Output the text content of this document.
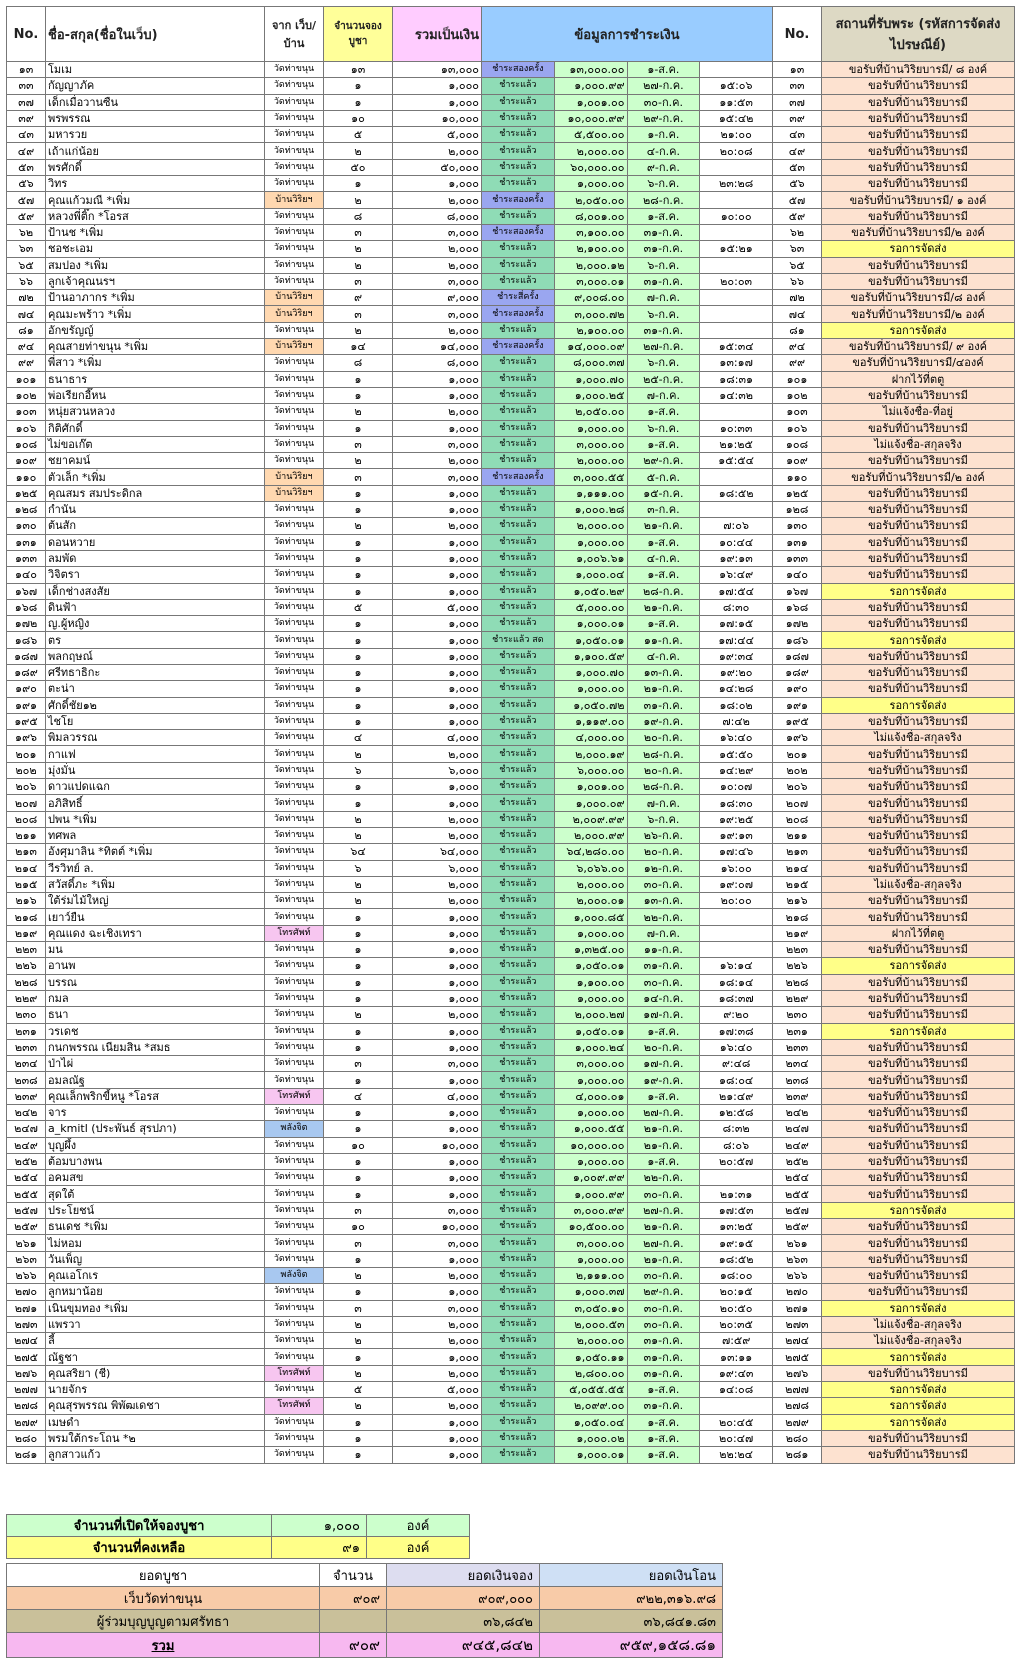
No.	ชื่อ-สกุล(ชื่อในเว็บ)	จาก เว็บ/บ้าน	จำนวนจอง บูชา	รวมเป็นเงิน	ข้อมูลการชำระเงิน				No.	สถานที่รับพระ (รหัสการจัดส่งไปรษณีย์)
๑๓	โมเม	วัดท่าขนุน	๑๓	๑๓,๐๐๐	ชำระสองครั้ง	๑๓,๐๐๐.๐๐	๑-ส.ค.		๑๓	ขอรับที่บ้านวิริยบารมี/ ๘ องค์
๓๓	กัญญาภัค	วัดท่าขนุน	๑	๑,๐๐๐	ชำระแล้ว	๑,๐๐๐.๙๙	๒๗-ก.ค.	๑๕:๐๖	๓๓	ขอรับที่บ้านวิริยบารมี
๓๗	เด็กเมื่อวานซืน	วัดท่าขนุน	๑	๑,๐๐๐	ชำระแล้ว	๑,๐๐๑.๐๐	๓๐-ก.ค.	๑๑:๕๓	๓๗	ขอรับที่บ้านวิริยบารมี
๓๙	พรพรรณ	วัดท่าขนุน	๑๐	๑๐,๐๐๐	ชำระแล้ว	๑๐,๐๐๐.๙๙	๒๙-ก.ค.	๑๕:๔๒	๓๙	ขอรับที่บ้านวิริยบารมี
๔๓	มหารวย	วัดท่าขนุน	๕	๕,๐๐๐	ชำระแล้ว	๕,๕๐๐.๐๐	๑-ก.ค.	๒๑:๐๐	๔๓	ขอรับที่บ้านวิริยบารมี
๔๙	เถ้าแก่น้อย	วัดท่าขนุน	๒	๒,๐๐๐	ชำระแล้ว	๒,๐๐๐.๐๐	๔-ก.ค.	๒๐:๐๘	๔๙	ขอรับที่บ้านวิริยบารมี
๕๓	พรศักดิ์	วัดท่าขนุน	๕๐	๕๐,๐๐๐	ชำระแล้ว	๖๐,๐๐๐.๐๐	๙-ก.ค.		๕๓	ขอรับที่บ้านวิริยบารมี
๕๖	วิทร	วัดท่าขนุน	๑	๑,๐๐๐	ชำระแล้ว	๑,๐๐๐.๐๐	๖-ก.ค.	๒๓:๒๘	๕๖	ขอรับที่บ้านวิริยบารมี
๕๗	คุณแก้วมณี *เพิ่ม	บ้านวิริยฯ	๒	๒,๐๐๐	ชำระสองครั้ง	๒,๐๕๐.๐๐	๒๘-ก.ค.		๕๗	ขอรับที่บ้านวิริยบารมี/ ๑ องค์
๕๙	หลวงพี่ติ๊ก *โอรส	วัดท่าขนุน	๘	๘,๐๐๐	ชำระแล้ว	๘,๐๐๑.๐๐	๑-ส.ค.	๑๐:๐๐	๕๙	ขอรับที่บ้านวิริยบารมี
๖๒	ป้านช *เพิ่ม	วัดท่าขนุน	๓	๓,๐๐๐	ชำระสองครั้ง	๓,๑๐๐.๐๐	๓๑-ก.ค.		๖๒	ขอรับที่บ้านวิริยบารมี/๒ องค์
๖๓	ชอชะเอม	วัดท่าขนุน	๒	๒,๐๐๐	ชำระแล้ว	๒,๑๐๐.๐๐	๓๑-ก.ค.	๑๕:๒๑	๖๓	รอการจัดส่ง
๖๕	สมปอง *เพิ่ม	วัดท่าขนุน	๒	๒,๐๐๐	ชำระแล้ว	๒,๐๐๐.๑๒	๖-ก.ค.		๖๕	ขอรับที่บ้านวิริยบารมี
๖๖	ลูกเจ้าคุณนรฯ	วัดท่าขนุน	๓	๓,๐๐๐	ชำระแล้ว	๓,๐๐๐.๐๑	๓๑-ก.ค.	๒๐:๐๓	๖๖	ขอรับที่บ้านวิริยบารมี
๗๒	ป้านอาภากร *เพิ่ม	บ้านวิริยฯ	๙	๙,๐๐๐	ชำระสี่ครั้ง	๙,๐๐๘.๐๐	๗-ก.ค.		๗๒	ขอรับที่บ้านวิริยบารมี/๘ องค์
๗๔	คุณมะพร้าว *เพิ่ม	บ้านวิริยฯ	๓	๓,๐๐๐	ชำระสองครั้ง	๓,๐๐๐.๗๒	๖-ก.ค.		๗๔	ขอรับที่บ้านวิริยบารมี/๒ องค์
๘๑	อักขรัญญ์	วัดท่าขนุน	๒	๒,๐๐๐	ชำระแล้ว	๒,๑๐๐.๐๐	๓๑-ก.ค.		๘๑	รอการจัดส่ง
๙๔	คุณสายท่าขนุน *เพิ่ม	บ้านวิริยฯ	๑๔	๑๔,๐๐๐	ชำระสองครั้ง	๑๔,๐๐๐.๐๙	๒๗-ก.ค.	๑๕:๓๔	๙๔	ขอรับที่บ้านวิริยบารมี/ ๙ องค์
๙๙	พี่สาว *เพิ่ม	วัดท่าขนุน	๘	๘,๐๐๐	ชำระแล้ว	๘,๐๐๐.๓๗	๖-ก.ค.	๑๓:๑๗	๙๙	ขอรับที่บ้านวิริยบารมี/๔องค์
๑๐๑	ธนาธาร	วัดท่าขนุน	๑	๑,๐๐๐	ชำระแล้ว	๑,๐๐๐.๗๐	๒๕-ก.ค.	๑๘:๓๑	๑๐๑	ฝากไว้ที่ตตู
๑๐๒	พ่อเรียกอี๊หน	วัดท่าขนุน	๑	๑,๐๐๐	ชำระแล้ว	๑,๐๐๐.๒๕	๗-ก.ค.	๑๔:๓๒	๑๐๒	ขอรับที่บ้านวิริยบารมี
๑๐๓	หนุ่ยสวนหลวง	วัดท่าขนุน	๒	๒,๐๐๐	ชำระแล้ว	๒,๐๕๐.๐๐	๑-ส.ค.		๑๐๓	ไม่แจ้งชื่อ-ที่อยู่
๑๐๖	กิติศักดิ์	วัดท่าขนุน	๑	๑,๐๐๐	ชำระแล้ว	๑,๐๐๐.๐๐	๖-ก.ค.	๑๐:๓๓	๑๐๖	ขอรับที่บ้านวิริยบารมี
๑๐๘	ไม่ขอเก๊ต	วัดท่าขนุน	๓	๓,๐๐๐	ชำระแล้ว	๓,๐๐๐.๐๐	๑-ส.ค.	๒๑:๒๕	๑๐๘	ไม่แจ้งชื่อ-สกุลจริง
๑๐๙	ชยาคมน์	วัดท่าขนุน	๒	๒,๐๐๐	ชำระแล้ว	๒,๐๐๐.๐๐	๒๙-ก.ค.	๑๕:๕๔	๑๐๙	ขอรับที่บ้านวิริยบารมี
๑๑๐	ตัวเล็ก *เพิ่ม	บ้านวิริยฯ	๓	๓,๐๐๐	ชำระสองครั้ง	๓,๐๐๐.๕๕	๕-ก.ค.		๑๑๐	ขอรับที่บ้านวิริยบารมี/๒ องค์
๑๒๕	คุณสมร สมประดิกล	บ้านวิริยฯ	๑	๑,๐๐๐	ชำระแล้ว	๑,๑๑๑.๐๐	๑๕-ก.ค.	๑๘:๕๒	๑๒๕	ขอรับที่บ้านวิริยบารมี
๑๒๘	กำนัน	วัดท่าขนุน	๑	๑,๐๐๐	ชำระแล้ว	๑,๐๐๐.๒๘	๓-ก.ค.		๑๒๘	ขอรับที่บ้านวิริยบารมี
๑๓๐	ต้นสัก	วัดท่าขนุน	๒	๒,๐๐๐	ชำระแล้ว	๒,๐๐๐.๐๐	๒๑-ก.ค.	๗:๐๖	๑๓๐	ขอรับที่บ้านวิริยบารมี
๑๓๑	ดอนหวาย	วัดท่าขนุน	๑	๑,๐๐๐	ชำระแล้ว	๑,๐๐๐.๐๐	๑-ส.ค.	๑๐:๔๔	๑๓๑	ขอรับที่บ้านวิริยบารมี
๑๓๓	ลมพัด	วัดท่าขนุน	๑	๑,๐๐๐	ชำระแล้ว	๑,๐๐๖.๖๑	๔-ก.ค.	๑๙:๑๓	๑๓๓	ขอรับที่บ้านวิริยบารมี
๑๔๐	วิจิตรา	วัดท่าขนุน	๑	๑,๐๐๐	ชำระแล้ว	๑,๐๐๐.๐๔	๑-ส.ค.	๑๖:๔๙	๑๔๐	ขอรับที่บ้านวิริยบารมี
๑๖๗	เด็กช่างสงสัย	วัดท่าขนุน	๑	๑,๐๐๐	ชำระแล้ว	๑,๐๕๐.๒๙	๒๘-ก.ค.	๑๗:๕๔	๑๖๗	รอการจัดส่ง
๑๖๘	ดินฟ้า	วัดท่าขนุน	๕	๕,๐๐๐	ชำระแล้ว	๕,๐๐๐.๐๐	๒๑-ก.ค.	๘:๓๐	๑๖๘	ขอรับที่บ้านวิริยบารมี
๑๗๒	ญ.ผู้หญิง	วัดท่าขนุน	๑	๑,๐๐๐	ชำระแล้ว	๑,๐๐๐.๐๑	๑-ส.ค.	๑๗:๑๕	๑๗๒	ขอรับที่บ้านวิริยบารมี
๑๘๖	ตร	วัดท่าขนุน	๑	๑,๐๐๐	ชำระแล้ว สด	๑,๐๕๐.๐๑	๑๑-ก.ค.	๑๗:๔๔	๑๘๖	รอการจัดส่ง
๑๘๗	พลกฤษณ์	วัดท่าขนุน	๑	๑,๐๐๐	ชำระแล้ว	๑,๑๐๐.๕๙	๔-ก.ค.	๑๙:๓๔	๑๘๗	ขอรับที่บ้านวิริยบารมี
๑๘๙	ศรีทธาธิกะ	วัดท่าขนุน	๑	๑,๐๐๐	ชำระแล้ว	๑,๐๐๐.๗๐	๑๓-ก.ค.	๑๙:๒๐	๑๘๙	ขอรับที่บ้านวิริยบารมี
๑๙๐	ตะน่า	วัดท่าขนุน	๑	๑,๐๐๐	ชำระแล้ว	๑,๐๐๐.๐๐	๒๑-ก.ค.	๑๔:๒๘	๑๙๐	ขอรับที่บ้านวิริยบารมี
๑๙๑	ศักดิ์ชัย๑๒	วัดท่าขนุน	๑	๑,๐๐๐	ชำระแล้ว	๑,๐๕๐.๗๒	๓๑-ก.ค.	๑๘:๐๒	๑๙๑	รอการจัดส่ง
๑๙๕	ไชโย	วัดท่าขนุน	๑	๑,๐๐๐	ชำระแล้ว	๑,๑๑๙.๐๐	๑๙-ก.ค.	๗:๔๒	๑๙๕	ขอรับที่บ้านวิริยบารมี
๑๙๖	พิมลวรรณ	วัดท่าขนุน	๔	๔,๐๐๐	ชำระแล้ว	๔,๐๐๐.๐๐	๒๐-ก.ค.	๑๖:๔๐	๑๙๖	ไม่แจ้งชื่อ-สกุลจริง
๒๐๑	กาแฟ	วัดท่าขนุน	๒	๒,๐๐๐	ชำระแล้ว	๒,๐๐๐.๑๙	๒๘-ก.ค.	๑๕:๕๐	๒๐๑	ขอรับที่บ้านวิริยบารมี
๒๐๒	มุ่งมั่น	วัดท่าขนุน	๖	๖,๐๐๐	ชำระแล้ว	๖,๐๐๐.๐๐	๒๐-ก.ค.	๑๔:๒๙	๒๐๒	ขอรับที่บ้านวิริยบารมี
๒๐๖	ดาวแปดแฉก	วัดท่าขนุน	๑	๑,๐๐๐	ชำระแล้ว	๑,๐๐๑.๐๐	๒๘-ก.ค.	๑๐:๐๗	๒๐๖	ขอรับที่บ้านวิริยบารมี
๒๐๗	อภิสิทธิ์	วัดท่าขนุน	๑	๑,๐๐๐	ชำระแล้ว	๑,๐๐๐.๐๙	๗-ก.ค.	๑๘:๓๐	๒๐๗	ขอรับที่บ้านวิริยบารมี
๒๐๘	ปพน *เพิ่ม	วัดท่าขนุน	๒	๒,๐๐๐	ชำระแล้ว	๒,๐๐๙.๙๙	๖-ก.ค.	๑๙:๒๕	๒๐๘	ขอรับที่บ้านวิริยบารมี
๒๑๑	ทศพล	วัดท่าขนุน	๒	๒,๐๐๐	ชำระแล้ว	๒,๐๐๐.๙๙	๒๖-ก.ค.	๑๙:๑๓	๒๑๑	ขอรับที่บ้านวิริยบารมี
๒๑๓	อังศุมาลิน *ทิตต์ *เพิ่ม	วัดท่าขนุน	๖๔	๖๔,๐๐๐	ชำระแล้ว	๖๔,๒๘๐.๐๐	๒๐-ก.ค.	๑๗:๔๖	๒๑๓	ขอรับที่บ้านวิริยบารมี
๒๑๔	วีรวิทย์ ล.	วัดท่าขนุน	๖	๖,๐๐๐	ชำระแล้ว	๖,๐๖๖.๐๐	๑๒-ก.ค.	๑๖:๐๐	๒๑๔	ขอรับที่บ้านวิริยบารมี
๒๑๕	สวัสดิ์ภะ *เพิ่ม	วัดท่าขนุน	๒	๒,๐๐๐	ชำระแล้ว	๒,๐๐๐.๐๐	๓๐-ก.ค.	๑๙:๐๗	๒๑๕	ไม่แจ้งชื่อ-สกุลจริง
๒๑๖	ใต้ร่มไม้ใหญ่	วัดท่าขนุน	๒	๒,๐๐๐	ชำระแล้ว	๒,๐๐๐.๐๑	๑๓-ก.ค.	๒๐:๐๐	๒๑๖	ขอรับที่บ้านวิริยบารมี
๒๑๘	เยาว์ยืน	วัดท่าขนุน	๑	๑,๐๐๐	ชำระแล้ว	๑,๐๐๐.๘๕	๒๒-ก.ค.		๒๑๘	ขอรับที่บ้านวิริยบารมี
๒๑๙	คุณแดง ฉะเชิงเทรา	โทรศัพท์	๑	๑,๐๐๐	ชำระแล้ว	๑,๐๐๐.๐๐	๗-ก.ค.		๒๑๙	ฝากไว้ที่ตตู
๒๒๓	มน	วัดท่าขนุน	๑	๑,๐๐๐	ชำระแล้ว	๑,๓๒๕.๐๐	๑๑-ก.ค.		๒๒๓	ขอรับที่บ้านวิริยบารมี
๒๒๖	อานพ	วัดท่าขนุน	๑	๑,๐๐๐	ชำระแล้ว	๑,๐๕๐.๐๑	๓๑-ก.ค.	๑๖:๑๔	๒๒๖	รอการจัดส่ง
๒๒๘	บรรณ	วัดท่าขนุน	๑	๑,๐๐๐	ชำระแล้ว	๑,๑๐๐.๐๐	๓๐-ก.ค.	๑๘:๑๔	๒๒๘	ขอรับที่บ้านวิริยบารมี
๒๒๙	กมล	วัดท่าขนุน	๑	๑,๐๐๐	ชำระแล้ว	๑,๐๐๐.๐๐	๑๔-ก.ค.	๑๘:๓๗	๒๒๙	ขอรับที่บ้านวิริยบารมี
๒๓๐	ธนา	วัดท่าขนุน	๒	๒,๐๐๐	ชำระแล้ว	๒,๐๐๐.๒๗	๑๗-ก.ค.	๙:๒๐	๒๓๐	ขอรับที่บ้านวิริยบารมี
๒๓๑	วรเดช	วัดท่าขนุน	๑	๑,๐๐๐	ชำระแล้ว	๑,๐๕๐.๐๑	๑-ส.ค.	๑๗:๓๘	๒๓๑	รอการจัดส่ง
๒๓๓	กนกพรรณ เนียมสิน *สมธ	วัดท่าขนุน	๑	๑,๐๐๐	ชำระแล้ว	๑,๐๐๐.๒๔	๒๐-ก.ค.	๑๖:๔๐	๒๓๓	ขอรับที่บ้านวิริยบารมี
๒๓๔	ป่าไผ่	วัดท่าขนุน	๓	๓,๐๐๐	ชำระแล้ว	๓,๐๐๐.๐๐	๑๗-ก.ค.	๙:๔๘	๒๓๔	ขอรับที่บ้านวิริยบารมี
๒๓๘	อมลณัฐ	วัดท่าขนุน	๑	๑,๐๐๐	ชำระแล้ว	๑,๐๐๐.๐๐	๑๙-ก.ค.	๑๘:๐๔	๒๓๘	ขอรับที่บ้านวิริยบารมี
๒๓๙	คุณเล็กพริกขี้หนู *โอรส	โทรศัพท์	๔	๔,๐๐๐	ชำระแล้ว	๔,๐๐๐.๐๑	๑-ส.ค.	๒๑:๔๙	๒๓๙	ขอรับที่บ้านวิริยบารมี
๒๔๒	จาร	วัดท่าขนุน	๑	๑,๐๐๐	ชำระแล้ว	๑,๐๐๐.๐๐	๒๗-ก.ค.	๑๒:๕๘	๒๔๒	ขอรับที่บ้านวิริยบารมี
๒๔๗	a_kmitl (ประพันธ์ สุรปภา)	พลังจิต	๑	๑,๐๐๐	ชำระแล้ว	๑,๐๐๐.๕๕	๒๑-ก.ค.	๘:๓๒	๒๔๗	ขอรับที่บ้านวิริยบารมี
๒๔๙	บุญผึ้ง	วัดท่าขนุน	๑๐	๑๐,๐๐๐	ชำระแล้ว	๑๐,๐๐๐.๐๐	๒๑-ก.ค.	๘:๐๖	๒๔๙	ขอรับที่บ้านวิริยบารมี
๒๕๒	ต้อมบางพน	วัดท่าขนุน	๑	๑,๐๐๐	ชำระแล้ว	๑,๐๐๐.๐๐	๑-ส.ค.	๒๐:๕๗	๒๕๒	ขอรับที่บ้านวิริยบารมี
๒๕๔	อคมสข	วัดท่าขนุน	๑	๑,๐๐๐	ชำระแล้ว	๑,๐๐๙.๙๙	๒๒-ก.ค.		๒๕๔	ขอรับที่บ้านวิริยบารมี
๒๕๕	สุดใต้	วัดท่าขนุน	๑	๑,๐๐๐	ชำระแล้ว	๑,๐๐๐.๙๙	๓๐-ก.ค.	๒๑:๓๑	๒๕๕	ขอรับที่บ้านวิริยบารมี
๒๕๗	ประโยชน์	วัดท่าขนุน	๓	๓,๐๐๐	ชำระแล้ว	๓,๐๐๐.๙๙	๒๗-ก.ค.	๑๗:๕๓	๒๕๗	รอการจัดส่ง
๒๕๙	ธนเดช *เพิ่ม	วัดท่าขนุน	๑๐	๑๐,๐๐๐	ชำระแล้ว	๑๐,๕๐๐.๐๐	๒๑-ก.ค.	๑๓:๒๕	๒๕๙	ขอรับที่บ้านวิริยบารมี
๒๖๑	ไม่หอม	วัดท่าขนุน	๓	๓,๐๐๐	ชำระแล้ว	๓,๐๐๐.๐๐	๒๗-ก.ค.	๑๙:๑๕	๒๖๑	ขอรับที่บ้านวิริยบารมี
๒๖๓	วันเพ็ญ	วัดท่าขนุน	๑	๑,๐๐๐	ชำระแล้ว	๑,๐๐๐.๐๐	๒๑-ก.ค.	๑๘:๕๒	๒๖๓	ขอรับที่บ้านวิริยบารมี
๒๖๖	คุณเอโกเร	พลังจิต	๒	๒,๐๐๐	ชำระแล้ว	๒,๑๑๑.๐๐	๓๐-ก.ค.	๑๘:๐๐	๒๖๖	ขอรับที่บ้านวิริยบารมี
๒๗๐	ลูกหมาน้อย	วัดท่าขนุน	๑	๑,๐๐๐	ชำระแล้ว	๑,๐๐๐.๓๗	๒๙-ก.ค.	๒๐:๑๕	๒๗๐	ขอรับที่บ้านวิริยบารมี
๒๗๑	เนินขุมทอง *เพิ่ม	วัดท่าขนุน	๓	๓,๐๐๐	ชำระแล้ว	๓,๐๕๐.๑๐	๓๐-ก.ค.	๒๐:๕๐	๒๗๑	รอการจัดส่ง
๒๗๓	แพรวา	วัดท่าขนุน	๒	๒,๐๐๐	ชำระแล้ว	๒,๐๐๐.๕๓	๓๐-ก.ค.	๒๐:๓๕	๒๗๓	ไม่แจ้งชื่อ-สกุลจริง
๒๗๔	ลี้	วัดท่าขนุน	๒	๒,๐๐๐	ชำระแล้ว	๒,๐๐๐.๐๐	๓๑-ก.ค.	๗:๕๙	๒๗๔	ไม่แจ้งชื่อ-สกุลจริง
๒๗๕	ณัฐชา	วัดท่าขนุน	๑	๑,๐๐๐	ชำระแล้ว	๑,๐๕๐.๑๑	๓๑-ก.ค.	๑๓:๑๑	๒๗๕	รอการจัดส่ง
๒๗๖	คุณสริยา (ชี)	โทรศัพท์	๒	๒,๐๐๐	ชำระแล้ว	๒,๘๐๐.๐๐	๓๑-ก.ค.	๑๙:๔๓	๒๗๖	ขอรับที่บ้านวิริยบารมี
๒๗๗	นายจักร	วัดท่าขนุน	๕	๕,๐๐๐	ชำระแล้ว	๕,๐๕๕.๕๕	๑-ส.ค.	๑๔:๐๘	๒๗๗	รอการจัดส่ง
๒๗๘	คุณสุรพรรณ พิพัฒเดชา	โทรศัพท์	๒	๒,๐๐๐	ชำระแล้ว	๒,๐๙๙.๐๐	๓๑-ก.ค.		๒๗๘	รอการจัดส่ง
๒๗๙	เมษดำ	วัดท่าขนุน	๑	๑,๐๐๐	ชำระแล้ว	๑,๐๕๐.๐๔	๑-ส.ค.	๒๐:๔๕	๒๗๙	รอการจัดส่ง
๒๘๐	พรมใต้กระโถน *๒	วัดท่าขนุน	๑	๑,๐๐๐	ชำระแล้ว	๑,๐๐๐.๐๒	๑-ส.ค.	๒๐:๔๗	๒๘๐	ขอรับที่บ้านวิริยบารมี
๒๘๑	ลูกสาวแก้ว	วัดท่าขนุน	๑	๑,๐๐๐	ชำระแล้ว	๑,๐๐๐.๐๑	๑-ส.ค.	๒๒:๒๔	๒๘๑	ขอรับที่บ้านวิริยบารมี
จำนวนที่เปิดให้จองบูชา	๑,๐๐๐	องค์
จำนวนที่คงเหลือ	๙๑	องค์
ยอดบูชา	จำนวน	ยอดเงินจอง	ยอดเงินโอน
เว็บวัดท่าขนุน	๙๐๙	๙๐๙,๐๐๐	๙๒๒,๓๑๖.๙๘
ผู้ร่วมบุญบูญตามศรัทธา		๓๖,๘๔๒	๓๖,๘๔๑.๘๓
รวม	๙๐๙	๙๔๕,๘๔๒	๙๕๙,๑๕๘.๘๑
